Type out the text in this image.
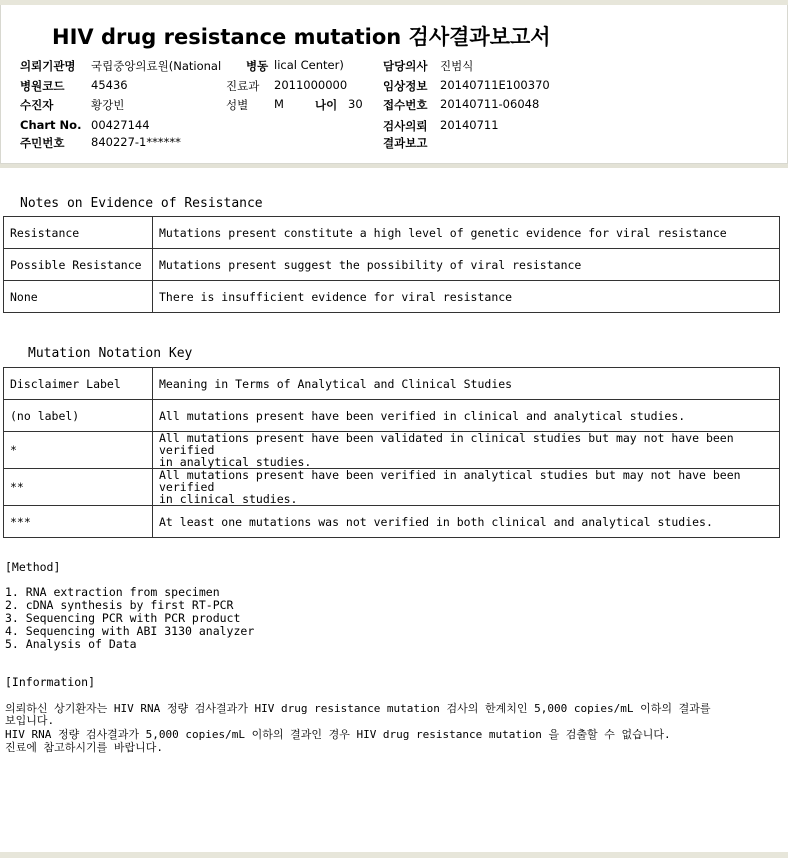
HIV drug resistance mutation 검사결과보고서
의뢰기관명 국립중앙의료원(National 병동 lical Center)	담당의사 진범식
병원코드 45436	진료과 2011000000	임상정보 20140711E100370
수진자	황강빈	성별 M	나이 30 접수번호 20140711-06048
Chart No. 00427144	검사의뢰 20140711
주민번호 840227-1******	결과보고
Notes on Evidence of Resistance
Resistance	Mutations present constitute a high level of genetic evidence for viral resistance
Possible Resistance	Mutations present suggest the possibility of viral resistance
None	There is insufficient evidence for viral resistance
Mutation Notation Key
Disclaimer Label	Meaning in Terms of Analytical and Clinical Studies
(no label)	All mutations present have been verified in clinical and analytical studies.
*	All mutations present have been validated in clinical studies but may not have been verified
in analytical studies.

**	All mutations present have been verified in analytical studies but may not have been verified
in clinical studies.

***	At least one mutations was not verified in both clinical and analytical studies.
[Method]
1. RNA extraction from specimen
2. cDNA synthesis by first RT-PCR
3. Sequencing PCR with PCR product
4. Sequencing with ABI 3130 analyzer
5. Analysis of Data
[Information]
의뢰하신 상기환자는 HIV RNA 정량 검사결과가 HIV drug resistance mutation 검사의 한계치인 5,000 copies/mL 이하의 결과를
보입니다.
HIV RNA 정량 검사결과가 5,000 copies/mL 이하의 결과인 경우 HIV drug resistance mutation 을 검출할 수 없습니다.
진료에 참고하시기를 바랍니다.
